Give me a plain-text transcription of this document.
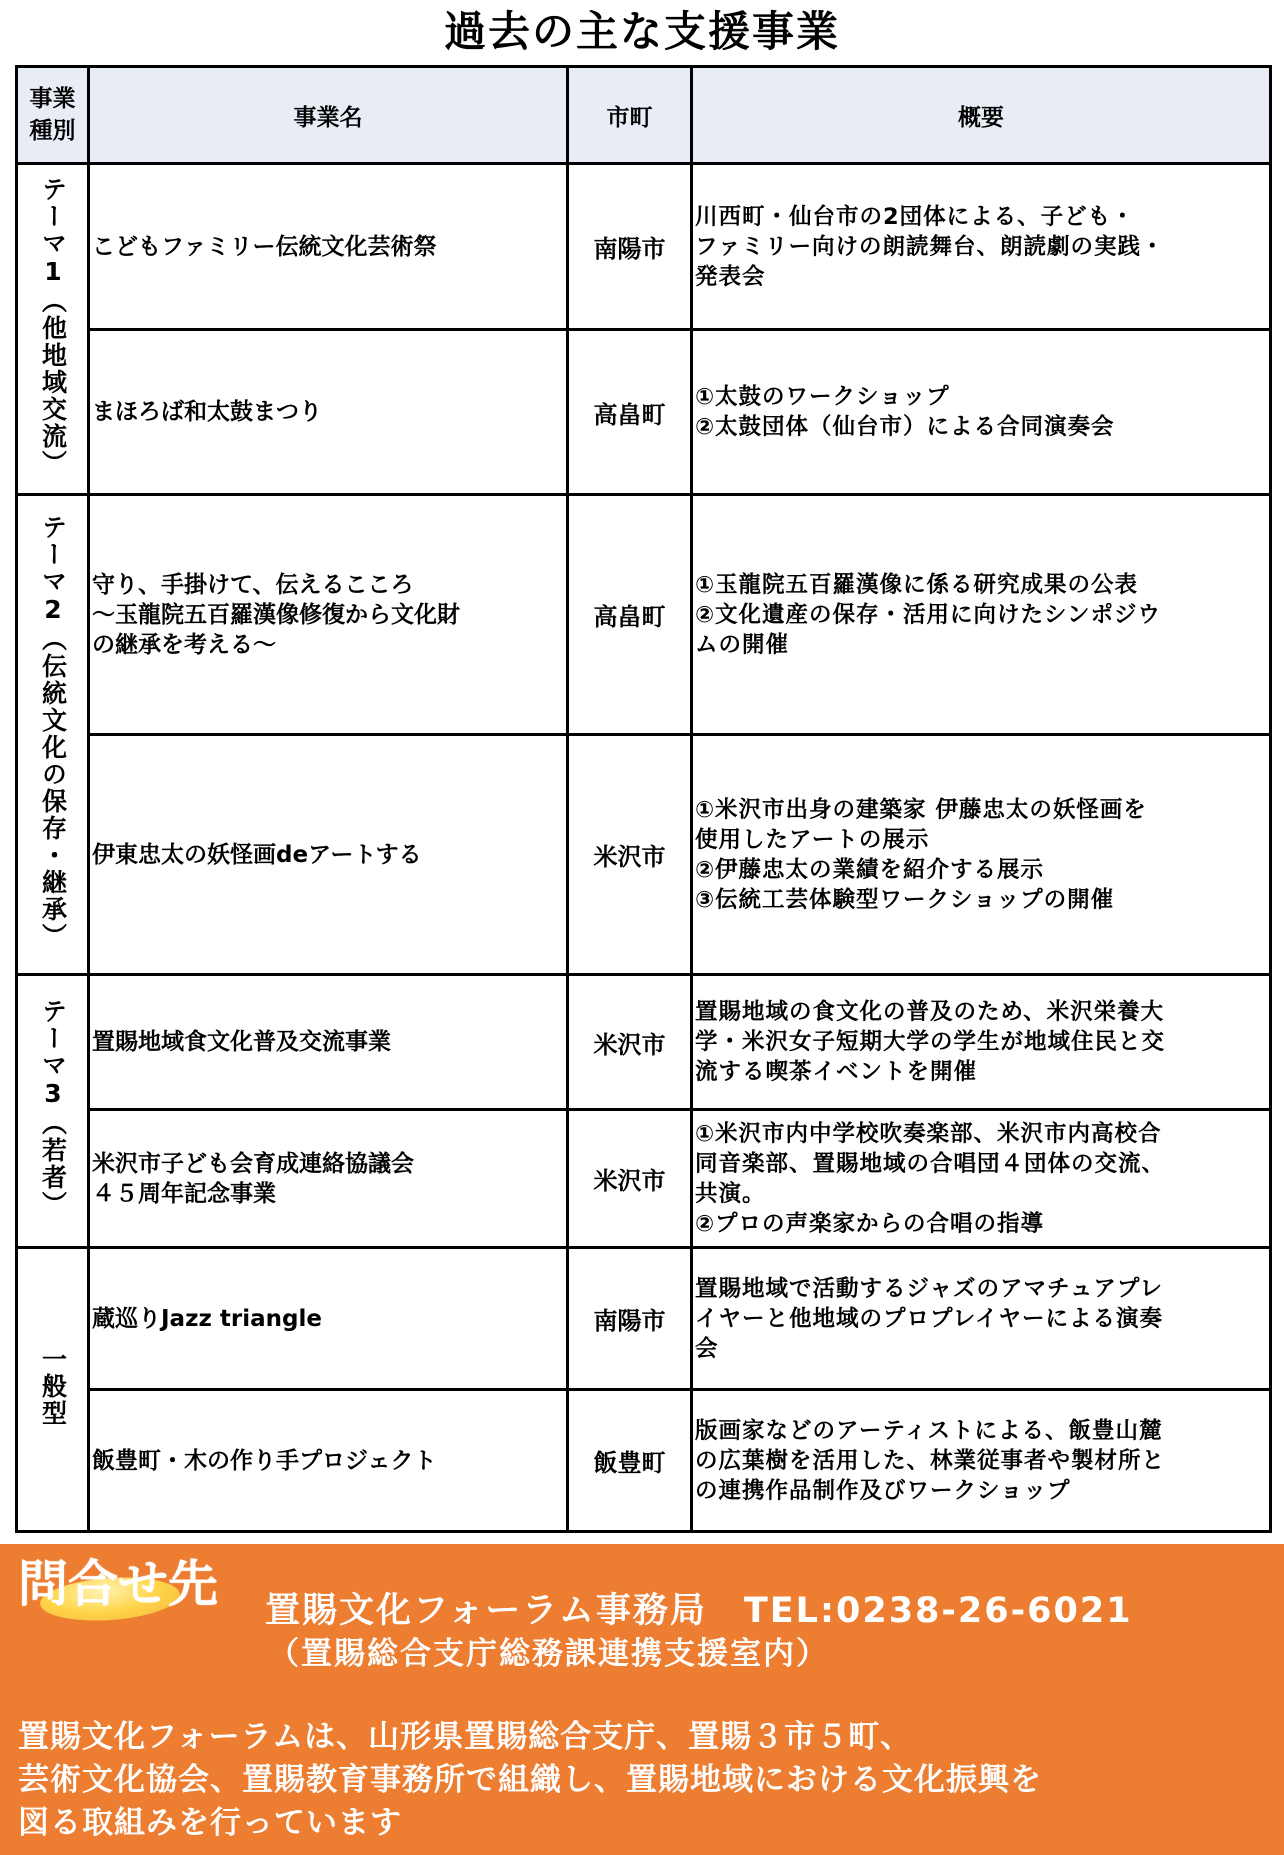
過去の主な支援事業
事業
種別	事業名	市町	概要
テーマ1（他地域交流）	こどもファミリー伝統文化芸術祭	南陽市	川西町・仙台市の2団体による、子ども・
ファミリー向けの朗読舞台、朗読劇の実践・
発表会

	まほろば和太鼓まつり	高畠町	①太鼓のワークショップ
②太鼓団体（仙台市）による合同演奏会

テーマ2（伝統文化の保存・継承）	守り、手掛けて、伝えるこころ
～玉龍院五百羅漢像修復から文化財
の継承を考える～	高畠町	①玉龍院五百羅漢像に係る研究成果の公表
②文化遺産の保存・活用に向けたシンポジウ
ムの開催

	伊東忠太の妖怪画deアートする	米沢市	①米沢市出身の建築家 伊藤忠太の妖怪画を
使用したアートの展示
②伊藤忠太の業績を紹介する展示
③伝統工芸体験型ワークショップの開催

テーマ3（若者）	置賜地域食文化普及交流事業	米沢市	置賜地域の食文化の普及のため、米沢栄養大
学・米沢女子短期大学の学生が地域住民と交
流する喫茶イベントを開催

	米沢市子ども会育成連絡協議会
４５周年記念事業	米沢市	①米沢市内中学校吹奏楽部、米沢市内高校合
同音楽部、置賜地域の合唱団４団体の交流、
共演。
②プロの声楽家からの合唱の指導

一般型	蔵巡りJazz triangle	南陽市	置賜地域で活動するジャズのアマチュアプレ
イヤーと他地域のプロプレイヤーによる演奏
会

	飯豊町・木の作り手プロジェクト	飯豊町	版画家などのアーティストによる、飯豊山麓
の広葉樹を活用した、林業従事者や製材所と
の連携作品制作及びワークショップ
問合せ先 置賜文化フォーラム事務局　TEL:0238-26-6021
（置賜総合支庁総務課連携支援室内）
置賜文化フォーラムは、山形県置賜総合支庁、置賜３市５町、
芸術文化協会、置賜教育事務所で組織し、置賜地域における文化振興を
図る取組みを行っています
